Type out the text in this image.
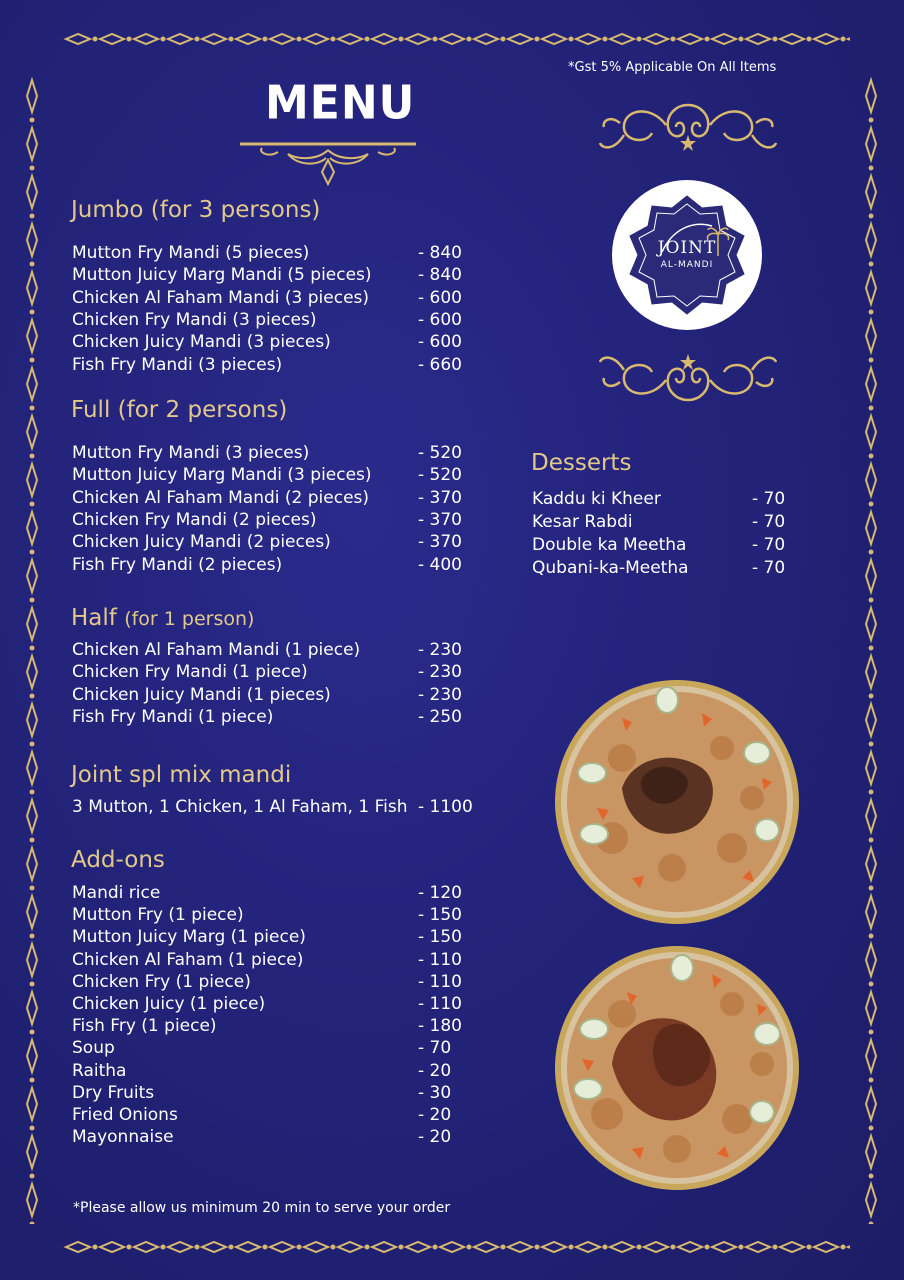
*Gst 5% Applicable On All Items
MENU
Jumbo (for 3 persons)
Mutton Fry Mandi (5 pieces)	- 840
Mutton Juicy Marg Mandi (5 pieces)	- 840
Chicken Al Faham Mandi (3 pieces)	- 600
Chicken Fry Mandi (3 pieces)	- 600
Chicken Juicy Mandi (3 pieces)	- 600
Fish Fry Mandi (3 pieces)	- 660
Full (for 2 persons)
Mutton Fry Mandi (3 pieces)	- 520
Mutton Juicy Marg Mandi (3 pieces)	- 520
Chicken Al Faham Mandi (2 pieces)	- 370
Chicken Fry Mandi (2 pieces)	- 370
Chicken Juicy Mandi (2 pieces)	- 370
Fish Fry Mandi (2 pieces)	- 400
Half (for 1 person)
Chicken Al Faham Mandi (1 piece)	- 230
Chicken Fry Mandi (1 piece)	- 230
Chicken Juicy Mandi (1 pieces)	- 230
Fish Fry Mandi (1 piece)	- 250
Joint spl mix mandi
3 Mutton, 1 Chicken, 1 Al Faham, 1 Fish - 1100
Add-ons
Mandi rice	- 120
Mutton Fry (1 piece)	- 150
Mutton Juicy Marg (1 piece)	- 150
Chicken Al Faham (1 piece)	- 110
Chicken Fry (1 piece)	- 110
Chicken Juicy (1 piece)	- 110
Fish Fry (1 piece)	- 180
Soup	- 70
Raitha	- 20
Dry Fruits	- 30
Fried Onions	- 20
Mayonnaise	- 20
Desserts
Kaddu ki Kheer	- 70
Kesar Rabdi	- 70
Double ka Meetha	- 70
Qubani-ka-Meetha	- 70
JOINT
AL-MANDI
*Please allow us minimum 20 min to serve your order
